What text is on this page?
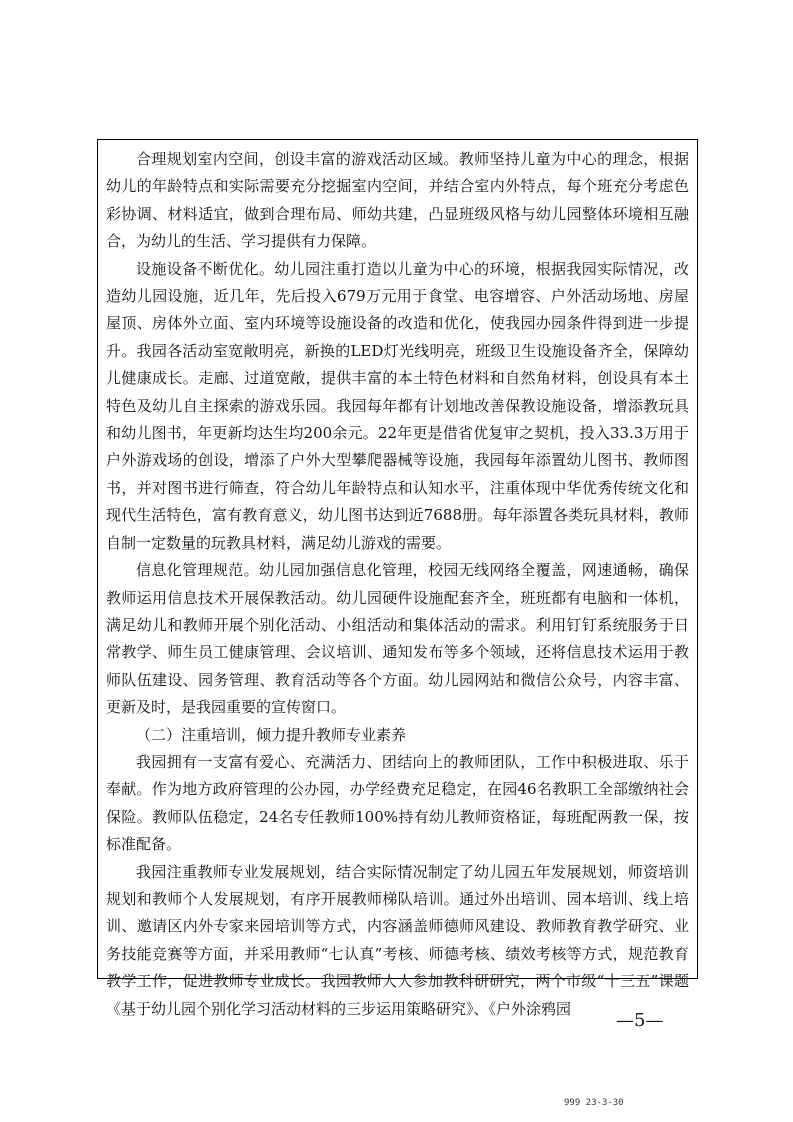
合理规划室内空间，创设丰富的游戏活动区域。教师坚持儿童为中心的理念，根据幼儿的年龄特点和实际需要充分挖掘室内空间，并结合室内外特点，每个班充分考虑色彩协调、材料适宜，做到合理布局、师幼共建，凸显班级风格与幼儿园整体环境相互融合，为幼儿的生活、学习提供有力保障。

设施设备不断优化。幼儿园注重打造以儿童为中心的环境，根据我园实际情况，改造幼儿园设施，近几年，先后投入679万元用于食堂、电容增容、户外活动场地、房屋屋顶、房体外立面、室内环境等设施设备的改造和优化，使我园办园条件得到进一步提升。我园各活动室宽敞明亮，新换的LED灯光线明亮，班级卫生设施设备齐全，保障幼儿健康成长。走廊、过道宽敞，提供丰富的本土特色材料和自然角材料，创设具有本土特色及幼儿自主探索的游戏乐园。我园每年都有计划地改善保教设施设备，增添教玩具和幼儿图书，年更新均达生均200余元。22年更是借省优复审之契机，投入33.3万用于户外游戏场的创设，增添了户外大型攀爬器械等设施，我园每年添置幼儿图书、教师图书，并对图书进行筛查，符合幼儿年龄特点和认知水平，注重体现中华优秀传统文化和现代生活特色，富有教育意义，幼儿图书达到近7688册。每年添置各类玩具材料，教师自制一定数量的玩教具材料，满足幼儿游戏的需要。

信息化管理规范。幼儿园加强信息化管理，校园无线网络全覆盖，网速通畅，确保教师运用信息技术开展保教活动。幼儿园硬件设施配套齐全，班班都有电脑和一体机，满足幼儿和教师开展个别化活动、小组活动和集体活动的需求。利用钉钉系统服务于日常教学、师生员工健康管理、会议培训、通知发布等多个领域，还将信息技术运用于教师队伍建设、园务管理、教育活动等各个方面。幼儿园网站和微信公众号，内容丰富、更新及时，是我园重要的宣传窗口。

（二）注重培训，倾力提升教师专业素养

我园拥有一支富有爱心、充满活力、团结向上的教师团队，工作中积极进取、乐于奉献。作为地方政府管理的公办园，办学经费充足稳定，在园46名教职工全部缴纳社会保险。教师队伍稳定，24名专任教师100%持有幼儿教师资格证，每班配两教一保，按标准配备。

我园注重教师专业发展规划，结合实际情况制定了幼儿园五年发展规划，师资培训规划和教师个人发展规划，有序开展教师梯队培训。通过外出培训、园本培训、线上培训、邀请区内外专家来园培训等方式，内容涵盖师德师风建设、教师教育教学研究、业务技能竞赛等方面，并采用教师“七认真”考核、师德考核、绩效考核等方式，规范教育教学工作，促进教师专业成长。我园教师人人参加教科研研究，两个市级“十三五”课题《基于幼儿园个别化学习活动材料的三步运用策略研究》、《户外涂鸦园

—5—
999 23-3-30
